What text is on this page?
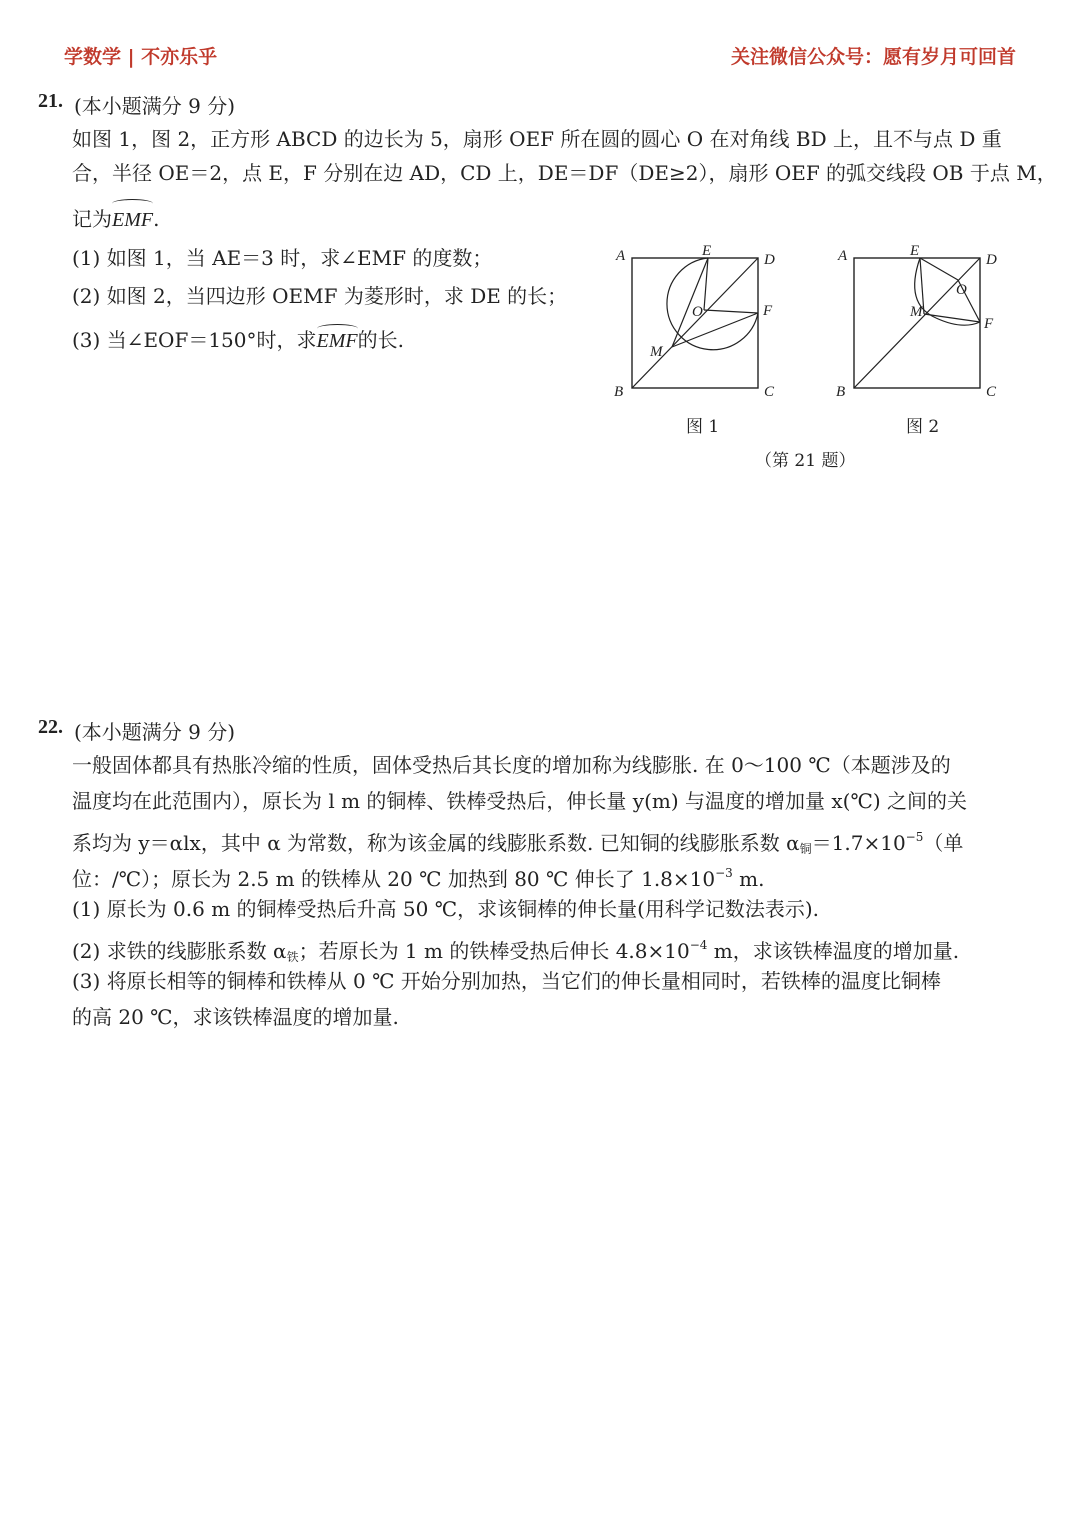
学数学 | 不亦乐乎	关注微信公众号：愿有岁月可回首
21. (本小题满分 9 分)
如图 1，图 2，正方形 ABCD 的边长为 5，扇形 OEF 所在圆的圆心 O 在对角线 BD 上，且不与点 D 重
合，半径 OE＝2，点 E，F 分别在边 AD，CD 上，DE＝DF（DE≥2），扇形 OEF 的弧交线段 OB 于点 M，
记为EMF.
(1) 如图 1，当 AE＝3 时，求∠EMF 的度数；
(2) 如图 2，当四边形 OEMF 为菱形时，求 DE 的长；
(3) 当∠EOF＝150°时，求EMF的长.
A
B	C
D
E
F
O
M
图 1
A
B	C
D
E
F
O
M
图 2
（第 21 题）
22. (本小题满分 9 分)
一般固体都具有热胀冷缩的性质，固体受热后其长度的增加称为线膨胀. 在 0～100 ℃（本题涉及的
温度均在此范围内），原长为 l m 的铜棒、铁棒受热后，伸长量 y(m) 与温度的增加量 x(℃) 之间的关
系均为 y＝αlx，其中 α 为常数，称为该金属的线膨胀系数. 已知铜的线膨胀系数 $\alpha_铜=1.7\times 10^{-5}$（单
位：/℃）；原长为 2.5 m 的铁棒从 20 ℃ 加热到 80 ℃ 伸长了 $1.8\times 10^{-3}$ m.
(1) 原长为 0.6 m 的铜棒受热后升高 50 ℃，求该铜棒的伸长量(用科学记数法表示).
(2) 求铁的线膨胀系数 $\alpha_铁$；若原长为 1 m 的铁棒受热后伸长 $4.8\times 10^{-4}$ m，求该铁棒温度的增加量.
(3) 将原长相等的铜棒和铁棒从 0 ℃ 开始分别加热，当它们的伸长量相同时，若铁棒的温度比铜棒
的高 20 ℃，求该铁棒温度的增加量.
